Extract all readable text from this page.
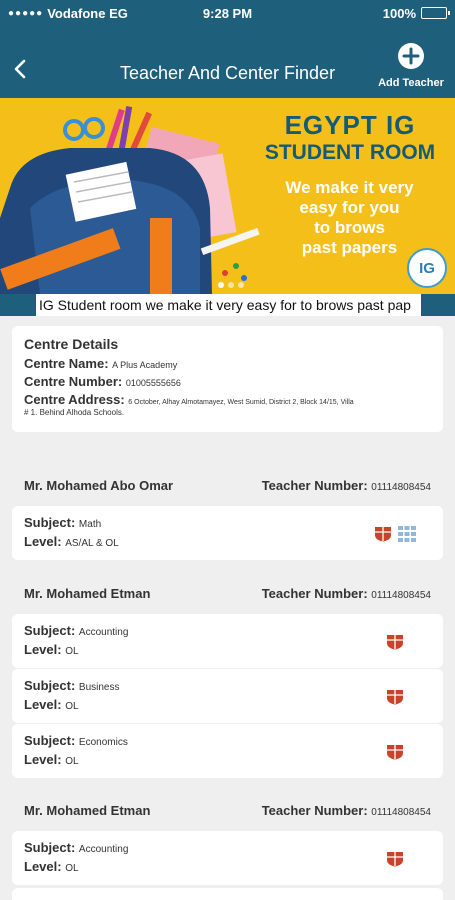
●●●●● Vodafone EG	9:28 PM	100%
Teacher And Center Finder	Add Teacher
EGYPT IG
STUDENT ROOM
We make it very
easy for you
to brows
past papers
IG
IG Student room we make it very easy for to brows past pap
Centre Details
Centre Name: A Plus Academy
Centre Number: 01005555656
Centre Address: 6 October, Alhay Almotamayez, West Sumid, District 2, Block 14/15, Villa
# 1. Behind Alhoda Schools.
Mr. Mohamed Abo Omar	Teacher Number: 01114808454
Subject: Math
Level: AS/AL & OL
Mr. Mohamed Etman	Teacher Number: 01114808454
Subject: Accounting
Level: OL
Subject: Business
Level: OL
Subject: Economics
Level: OL
Mr. Mohamed Etman	Teacher Number: 01114808454
Subject: Accounting
Level: OL
